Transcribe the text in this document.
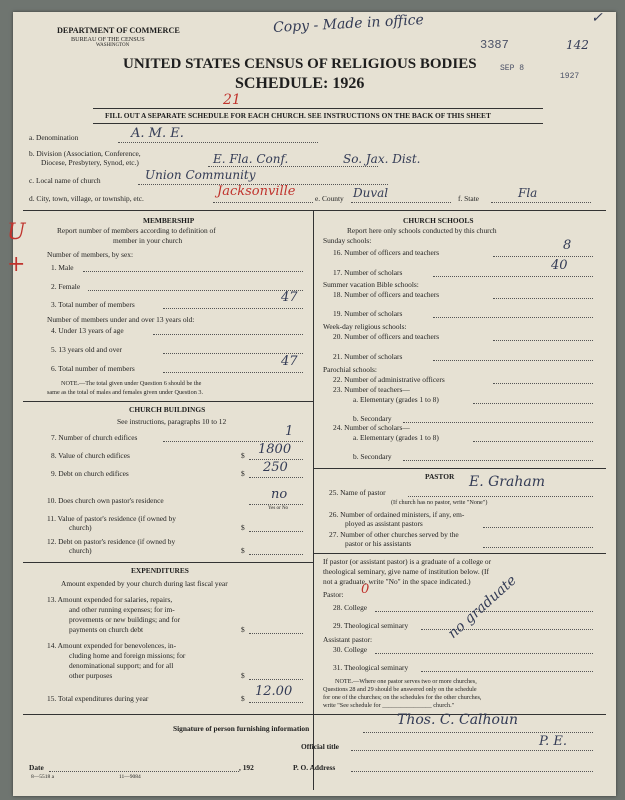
DEPARTMENT OF COMMERCE
BUREAU OF THE CENSUS
WASHINGTON
Copy - Made in office	✓
3387	142
SEP 8
1927
UNITED STATES CENSUS OF RELIGIOUS BODIES
SCHEDULE: 1926
21
FILL OUT A SEPARATE SCHEDULE FOR EACH CHURCH. SEE INSTRUCTIONS ON THE BACK OF THIS SHEET
a. Denomination	A. M. E.
b. Division (Association, Conference,
Diocese, Presbytery, Synod, etc.)	E. Fla. Conf.	So. Jax. Dist.
c. Local name of church	Union Community
d. City, town, village, or township, etc.	Jacksonville	e. County Duval	f. State	Fla
U
+
MEMBERSHIP
Report number of members according to definition of
member in your church
Number of members, by sex:
1. Male
2. Female
3. Total number of members	47
Number of members under and over 13 years old:
4. Under 13 years of age
5. 13 years old and over
6. Total number of members	47
NOTE.—The total given under Question 6 should be the
same as the total of males and females given under Question 3.
CHURCH BUILDINGS
See instructions, paragraphs 10 to 12
7. Number of church edifices	1
8. Value of church edifices	$ 1800
9. Debt on church edifices	$ 250
10. Does church own pastor's residence	no
Yes or No
11. Value of pastor's residence (if owned by
church)	$
12. Debt on pastor's residence (if owned by
church)	$
EXPENDITURES
Amount expended by your church during last fiscal year
13. Amount expended for salaries, repairs,
and other running expenses; for im-
provements or new buildings; and for
payments on church debt	$
14. Amount expended for benevolences, in-
cluding home and foreign missions; for
denominational support; and for all
other purposes	$
15. Total expenditures during year	$ 12.00
CHURCH SCHOOLS
Report here only schools conducted by this church
Sunday schools:
16. Number of officers and teachers	8
17. Number of scholars	40
Summer vacation Bible schools:
18. Number of officers and teachers
19. Number of scholars
Week-day religious schools:
20. Number of officers and teachers
21. Number of scholars
Parochial schools:
22. Number of administrative officers
23. Number of teachers—
a. Elementary (grades 1 to 8)
b. Secondary
24. Number of scholars—
a. Elementary (grades 1 to 8)
b. Secondary
PASTOR
25. Name of pastor
E. Graham
(If church has no pastor, write "None")
26. Number of ordained ministers, if any, em-
ployed as assistant pastors
27. Number of other churches served by the
pastor or his assistants
If pastor (or assistant pastor) is a graduate of a college or
theological seminary, give name of institution below. (If
not a graduate, write "No" in the space indicated.)
Pastor: 0
28. College
29. Theological seminary	no graduate
Assistant pastor:
30. College
31. Theological seminary
NOTE.—Where one pastor serves two or more churches,
Questions 28 and 29 should be answered only on the schedule
for one of the churches; on the schedules for the other churches,
write "See schedule for ________________ church."
Signature of person furnishing information
Thos. C. Calhoun
Official title	P. E.
Date	, 192	P. O. Address
8—5518 a	11—9084
